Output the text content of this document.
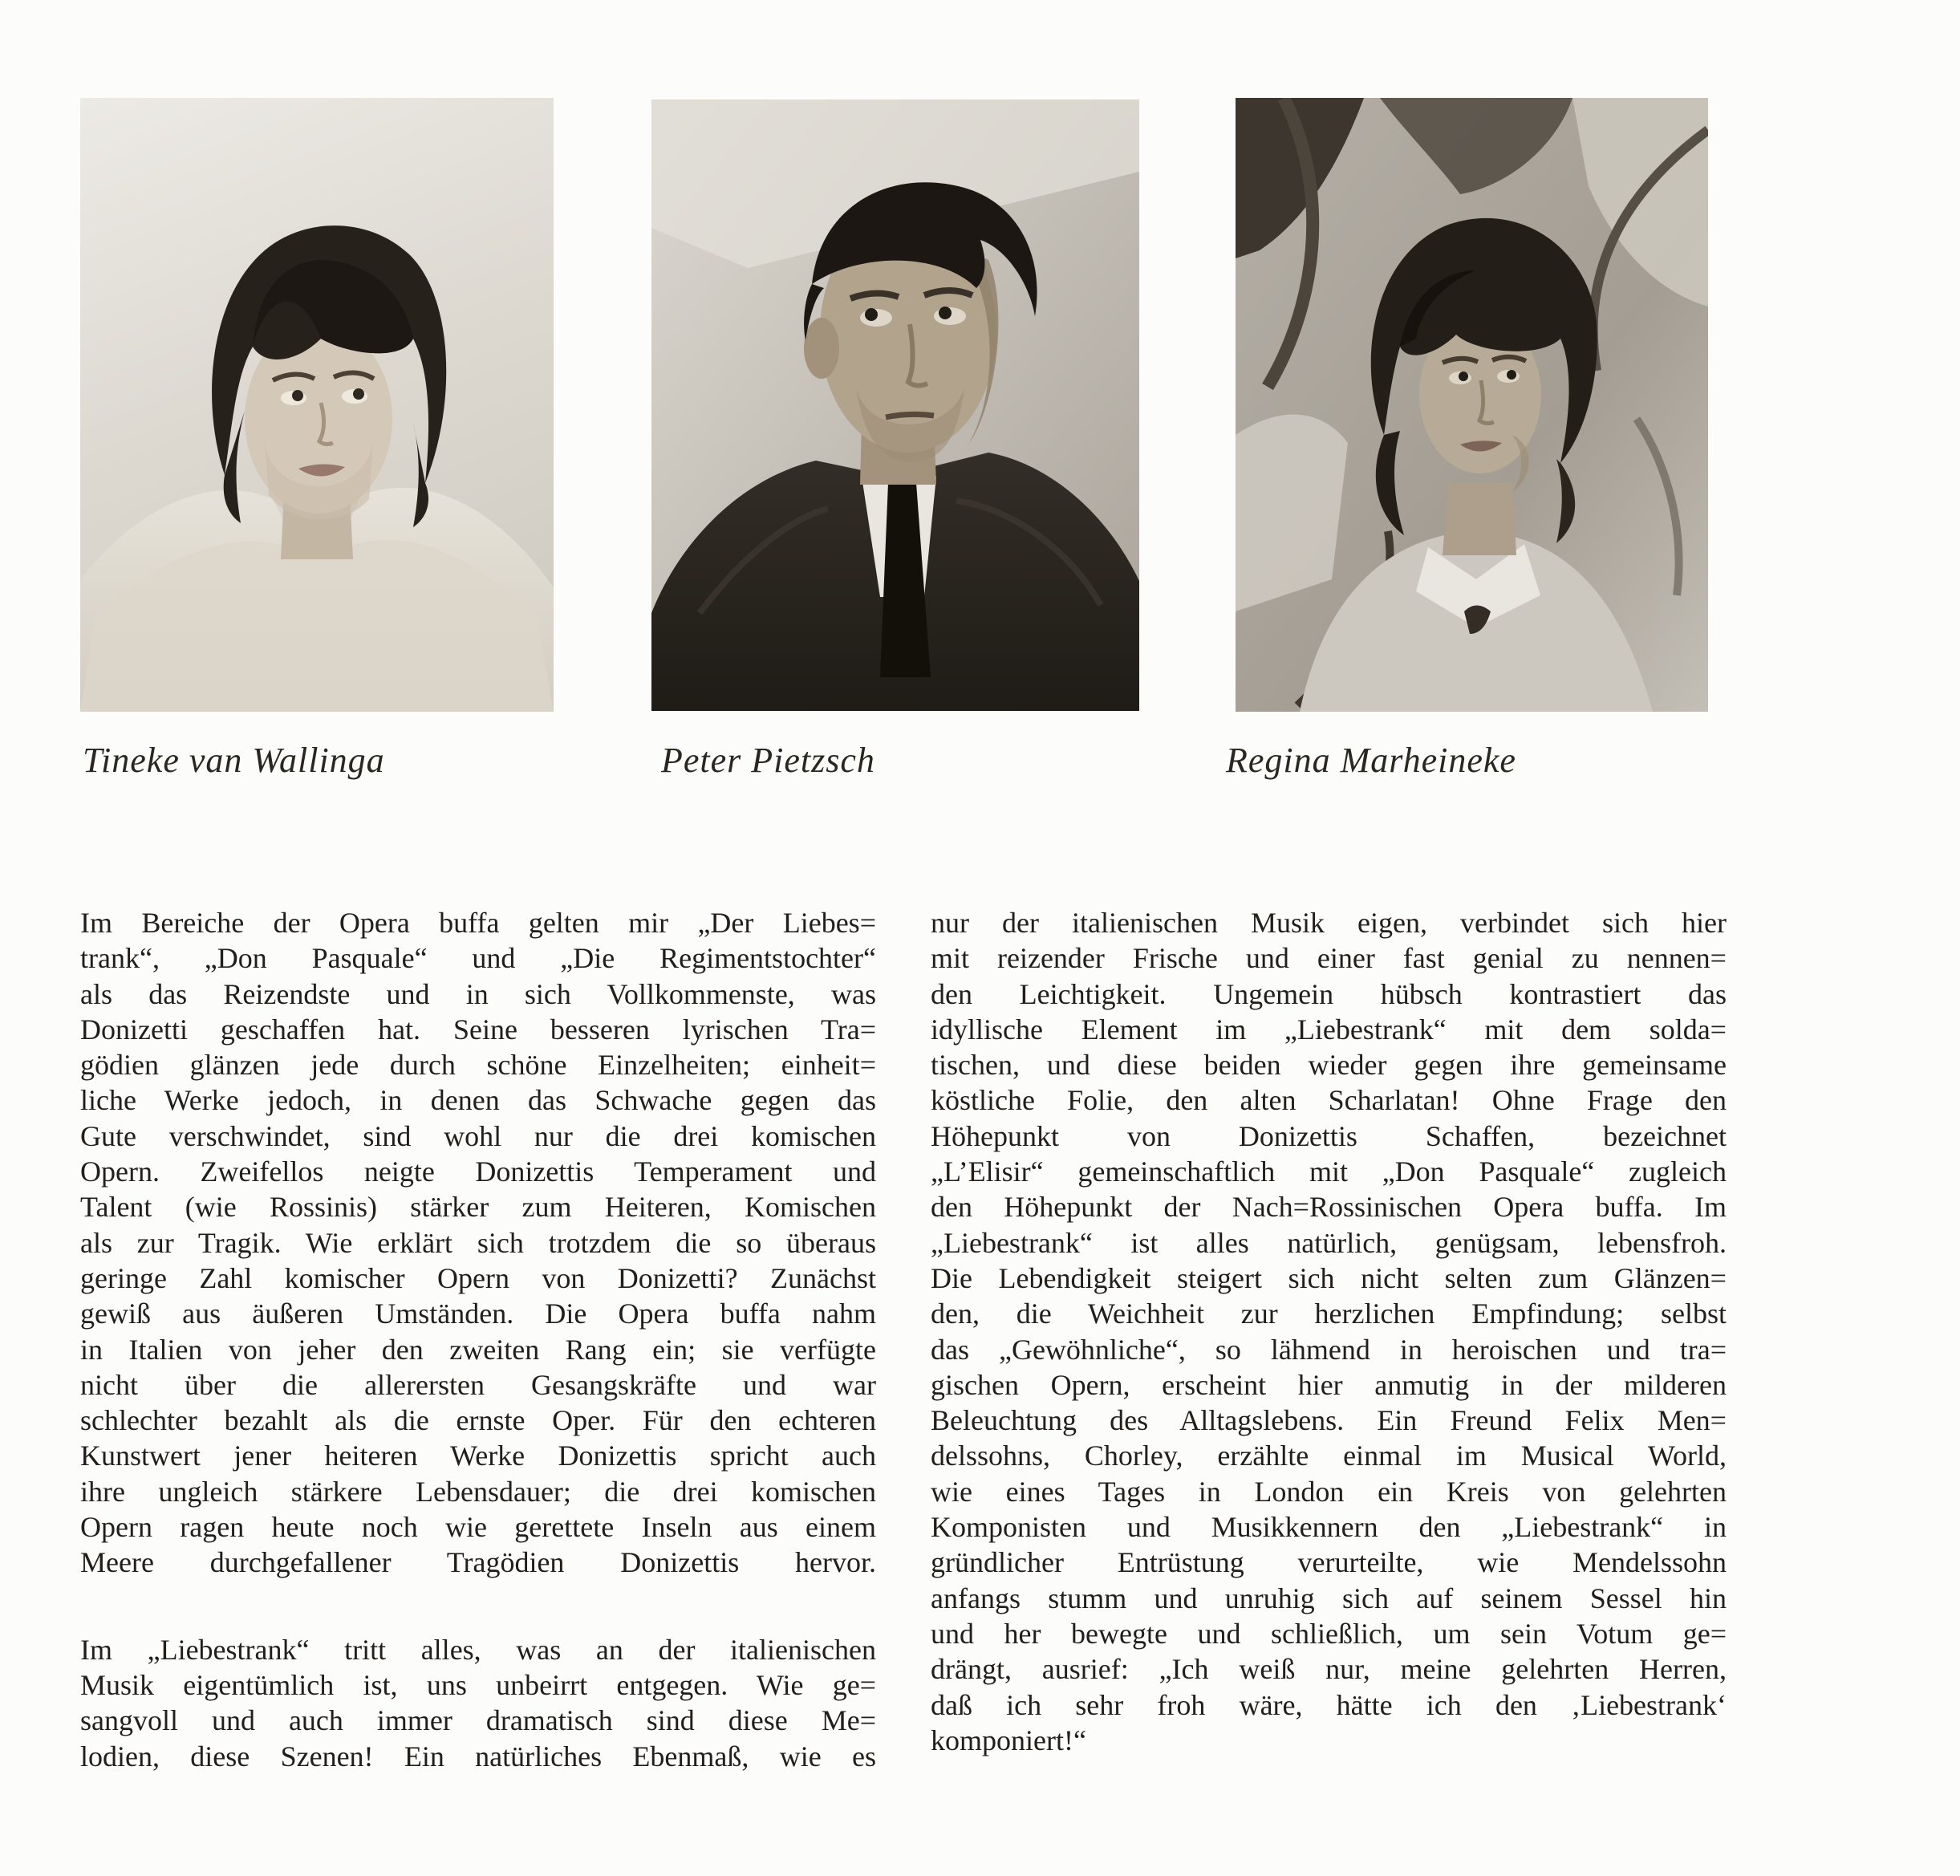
Tineke van Wallinga	Peter Pietzsch	Regina Marheineke
Im Bereiche der Opera buffa gelten mir „Der Liebes=
trank“, „Don Pasquale“ und „Die Regimentstochter“
als das Reizendste und in sich Vollkommenste, was
Donizetti geschaffen hat. Seine besseren lyrischen Tra=
gödien glänzen jede durch schöne Einzelheiten; einheit=
liche Werke jedoch, in denen das Schwache gegen das
Gute verschwindet, sind wohl nur die drei komischen
Opern. Zweifellos neigte Donizettis Temperament und
Talent (wie Rossinis) stärker zum Heiteren, Komischen
als zur Tragik. Wie erklärt sich trotzdem die so überaus
geringe Zahl komischer Opern von Donizetti? Zunächst
gewiß aus äußeren Umständen. Die Opera buffa nahm
in Italien von jeher den zweiten Rang ein; sie verfügte
nicht über die allerersten Gesangskräfte und war
schlechter bezahlt als die ernste Oper. Für den echteren
Kunstwert jener heiteren Werke Donizettis spricht auch
ihre ungleich stärkere Lebensdauer; die drei komischen
Opern ragen heute noch wie gerettete Inseln aus einem
Meere durchgefallener Tragödien Donizettis hervor.
Im „Liebestrank“ tritt alles, was an der italienischen
Musik eigentümlich ist, uns unbeirrt entgegen. Wie ge=
sangvoll und auch immer dramatisch sind diese Me=
lodien, diese Szenen! Ein natürliches Ebenmaß, wie es
nur der italienischen Musik eigen, verbindet sich hier
mit reizender Frische und einer fast genial zu nennen=
den Leichtigkeit. Ungemein hübsch kontrastiert das
idyllische Element im „Liebestrank“ mit dem solda=
tischen, und diese beiden wieder gegen ihre gemeinsame
köstliche Folie, den alten Scharlatan! Ohne Frage den
Höhepunkt von Donizettis Schaffen, bezeichnet
„L’Elisir“ gemeinschaftlich mit „Don Pasquale“ zugleich
den Höhepunkt der Nach=Rossinischen Opera buffa. Im
„Liebestrank“ ist alles natürlich, genügsam, lebensfroh.
Die Lebendigkeit steigert sich nicht selten zum Glänzen=
den, die Weichheit zur herzlichen Empfindung; selbst
das „Gewöhnliche“, so lähmend in heroischen und tra=
gischen Opern, erscheint hier anmutig in der milderen
Beleuchtung des Alltagslebens. Ein Freund Felix Men=
delssohns, Chorley, erzählte einmal im Musical World,
wie eines Tages in London ein Kreis von gelehrten
Komponisten und Musikkennern den „Liebestrank“ in
gründlicher Entrüstung verurteilte, wie Mendelssohn
anfangs stumm und unruhig sich auf seinem Sessel hin
und her bewegte und schließlich, um sein Votum ge=
drängt, ausrief: „Ich weiß nur, meine gelehrten Herren,
daß ich sehr froh wäre, hätte ich den ‚Liebestrank‘
komponiert!“
